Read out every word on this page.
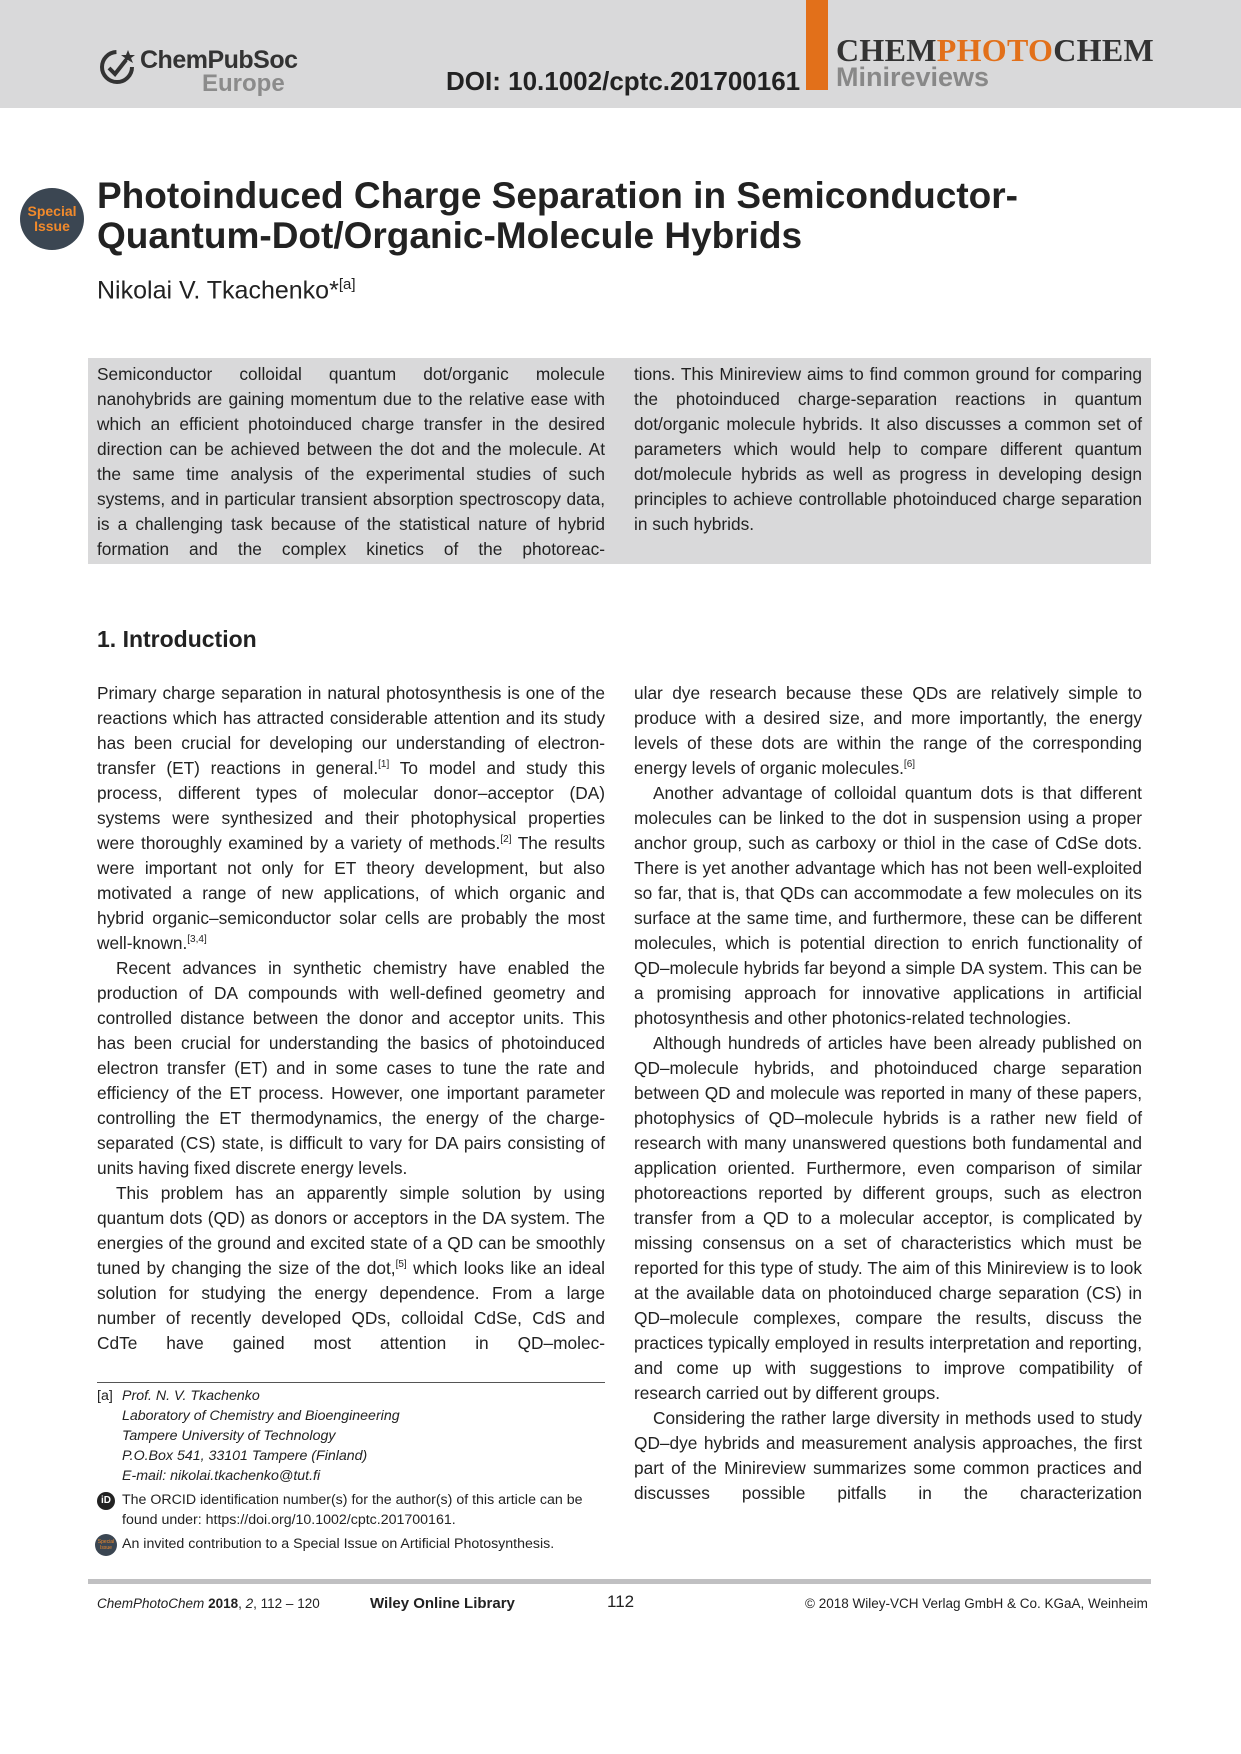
ChemPubSoc
Europe	DOI: 10.1002/cptc.201700161
CHEMPHOTOCHEM
Minireviews
Special
Issue
Photoinduced Charge Separation in Semiconductor-
Quantum-Dot/Organic-Molecule Hybrids
Nikolai V. Tkachenko*[a]

Semiconductor colloidal quantum dot/organic molecule nanohybrids are gaining momentum due to the relative ease with which an efficient photoinduced charge transfer in the desired direction can be achieved between the dot and the molecule. At the same time analysis of the experimental studies of such systems, and in particular transient absorption spectroscopy data, is a challenging task because of the statistical nature of hybrid formation and the complex kinetics of the photoreac-

tions. This Minireview aims to find common ground for comparing the photoinduced charge-separation reactions in quantum dot/organic molecule hybrids. It also discusses a common set of parameters which would help to compare different quantum dot/molecule hybrids as well as progress in developing design principles to achieve controllable photoinduced charge separation in such hybrids.

1. Introduction

Primary charge separation in natural photosynthesis is one of the reactions which has attracted considerable attention and its study has been crucial for developing our understanding of electron-transfer (ET) reactions in general.[1] To model and study this process, different types of molecular donor–acceptor (DA) systems were synthesized and their photophysical properties were thoroughly examined by a variety of methods.[2] The results were important not only for ET theory development, but also motivated a range of new applications, of which organic and hybrid organic–semiconductor solar cells are probably the most well-known.[3,4]

Recent advances in synthetic chemistry have enabled the production of DA compounds with well-defined geometry and controlled distance between the donor and acceptor units. This has been crucial for understanding the basics of photoinduced electron transfer (ET) and in some cases to tune the rate and efficiency of the ET process. However, one important parameter controlling the ET thermodynamics, the energy of the charge-separated (CS) state, is difficult to vary for DA pairs consisting of units having fixed discrete energy levels.

This problem has an apparently simple solution by using quantum dots (QD) as donors or acceptors in the DA system. The energies of the ground and excited state of a QD can be smoothly tuned by changing the size of the dot,[5] which looks like an ideal solution for studying the energy dependence. From a large number of recently developed QDs, colloidal CdSe, CdS and CdTe have gained most attention in QD–molec-

[a] Prof. N. V. Tkachenko
Laboratory of Chemistry and Bioengineering
Tampere University of Technology
P.O.Box 541, 33101 Tampere (Finland)
E-mail: nikolai.tkachenko@tut.fi
iD The ORCID identification number(s) for the author(s) of this article can be found under: https://doi.org/10.1002/cptc.201700161.
Special
Issue An invited contribution to a Special Issue on Artificial Photosynthesis.

ular dye research because these QDs are relatively simple to produce with a desired size, and more importantly, the energy levels of these dots are within the range of the corresponding energy levels of organic molecules.[6]

Another advantage of colloidal quantum dots is that different molecules can be linked to the dot in suspension using a proper anchor group, such as carboxy or thiol in the case of CdSe dots. There is yet another advantage which has not been well-exploited so far, that is, that QDs can accommodate a few molecules on its surface at the same time, and furthermore, these can be different molecules, which is potential direction to enrich functionality of QD–molecule hybrids far beyond a simple DA system. This can be a promising approach for innovative applications in artificial photosynthesis and other photonics-related technologies.

Although hundreds of articles have been already published on QD–molecule hybrids, and photoinduced charge separation between QD and molecule was reported in many of these papers, photophysics of QD–molecule hybrids is a rather new field of research with many unanswered questions both fundamental and application oriented. Furthermore, even comparison of similar photoreactions reported by different groups, such as electron transfer from a QD to a molecular acceptor, is complicated by missing consensus on a set of characteristics which must be reported for this type of study. The aim of this Minireview is to look at the available data on photoinduced charge separation (CS) in QD–molecule complexes, compare the results, discuss the practices typically employed in results interpretation and reporting, and come up with suggestions to improve compatibility of research carried out by different groups.

Considering the rather large diversity in methods used to study QD–dye hybrids and measurement analysis approaches, the first part of the Minireview summarizes some common practices and discusses possible pitfalls in the characterization

ChemPhotoChem 2018, 2, 112 – 120	Wiley Online Library	112	© 2018 Wiley-VCH Verlag GmbH & Co. KGaA, Weinheim
